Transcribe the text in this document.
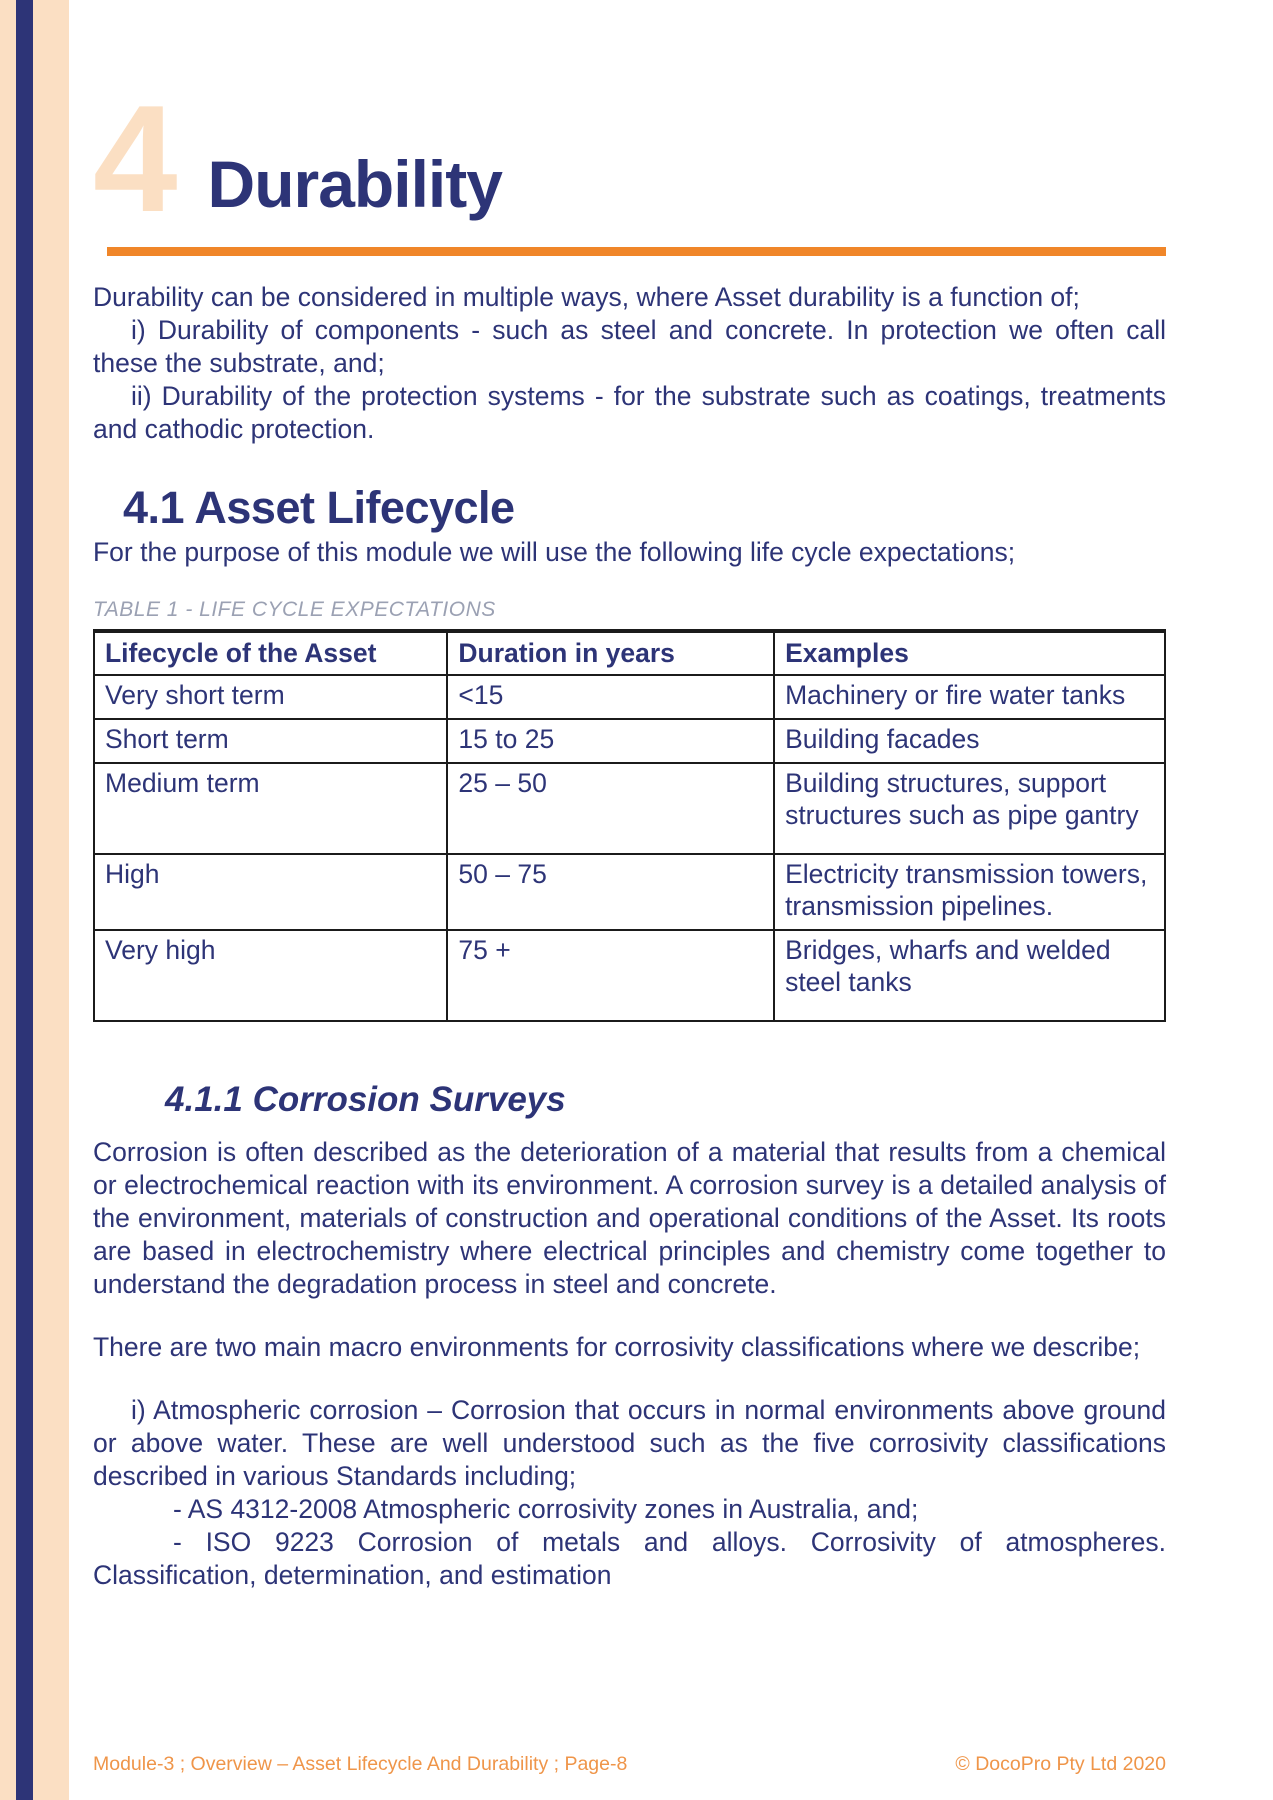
4 Durability

Durability can be considered in multiple ways, where Asset durability is a function of;

i) Durability of components - such as steel and concrete. In protection we often call these the substrate, and;

ii) Durability of the protection systems - for the substrate such as coatings, treatments and cathodic protection.

4.1 Asset Lifecycle

For the purpose of this module we will use the following life cycle expectations;

TABLE 1 - LIFE CYCLE EXPECTATIONS
Lifecycle of the Asset	Duration in years	Examples
Very short term	<15	Machinery or fire water tanks
Short term	15 to 25	Building facades
Medium term	25 – 50	Building structures, support structures such as pipe gantry
High	50 – 75	Electricity transmission towers, transmission pipelines.
Very high	75 +	Bridges, wharfs and welded steel tanks
4.1.1 Corrosion Surveys

Corrosion is often described as the deterioration of a material that results from a chemical or electrochemical reaction with its environment. A corrosion survey is a detailed analysis of the environment, materials of construction and operational conditions of the Asset. Its roots are based in electrochemistry where electrical principles and chemistry come together to understand the degradation process in steel and concrete.

There are two main macro environments for corrosivity classifications where we describe;

i) Atmospheric corrosion – Corrosion that occurs in normal environments above ground or above water. These are well understood such as the five corrosivity classifications described in various Standards including;

- AS 4312-2008 Atmospheric corrosivity zones in Australia, and;

- ISO 9223 Corrosion of metals and alloys. Corrosivity of atmospheres. Classification, determination, and estimation

Module-3 ; Overview – Asset Lifecycle And Durability ; Page-8	© DocoPro Pty Ltd 2020
